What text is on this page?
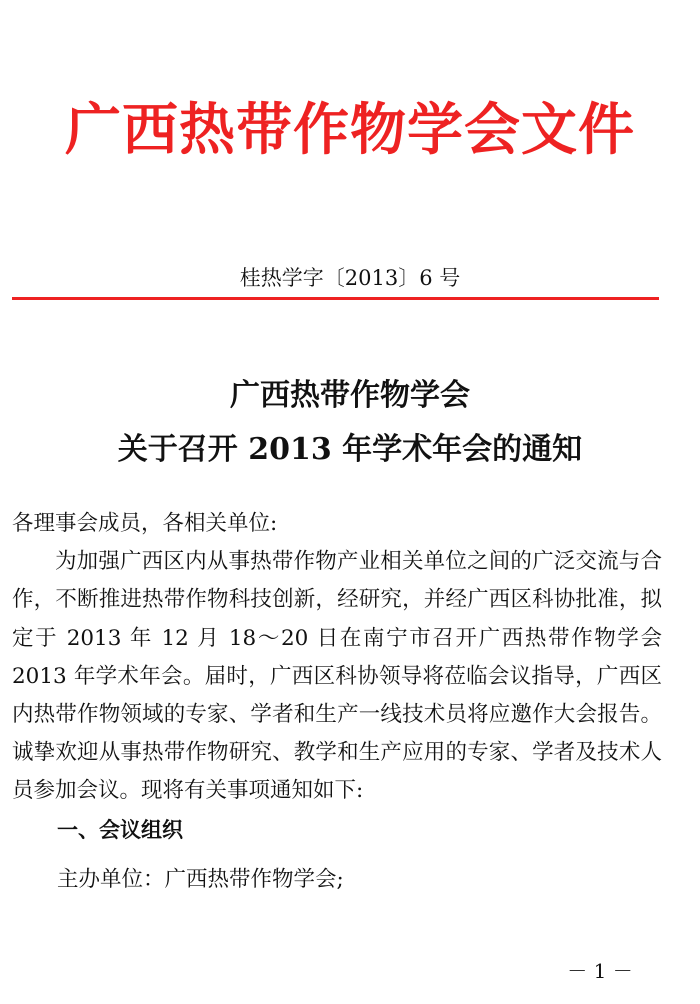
广西热带作物学会文件
桂热学字〔2013〕6 号
广西热带作物学会
关于召开 2013 年学术年会的通知

各理事会成员，各相关单位:

为加强广西区内从事热带作物产业相关单位之间的广泛交流与合作，不断推进热带作物科技创新，经研究，并经广西区科协批准，拟定于 2013 年 12 月 18～20 日在南宁市召开广西热带作物学会 2013 年学术年会。届时，广西区科协领导将莅临会议指导，广西区内热带作物领域的专家、学者和生产一线技术员将应邀作大会报告。诚挚欢迎从事热带作物研究、教学和生产应用的专家、学者及技术人员参加会议。现将有关事项通知如下:

一、会议组织
主办单位：广西热带作物学会;
－ 1 －
